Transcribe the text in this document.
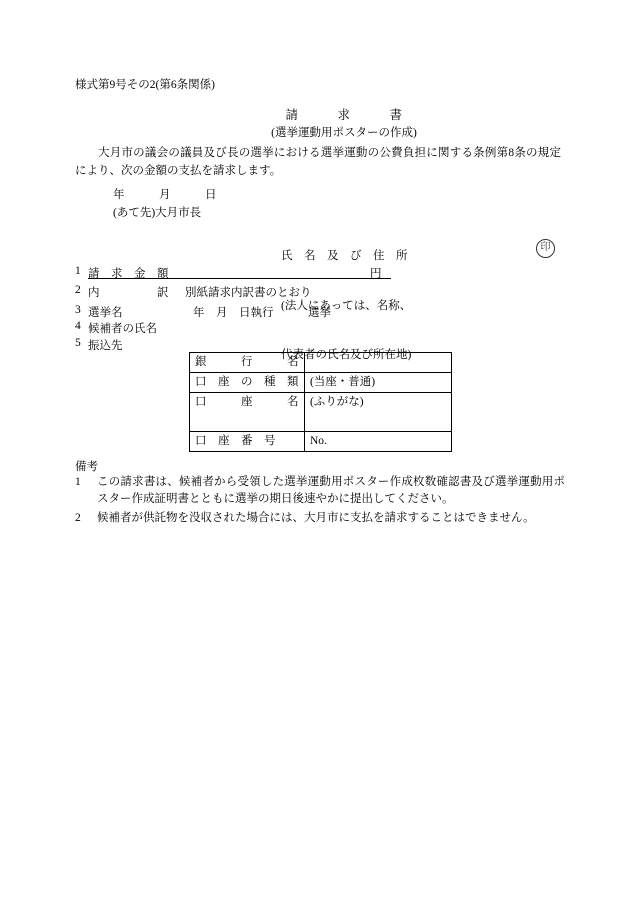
様式第9号その2(第6条関係)
請　　　求　　　書
(選挙運動用ポスターの作成)
大月市の議会の議員及び長の選挙における選挙運動の公費負担に関する条例第8条の規定により、次の金額の支払を請求します。
年　　　月　　　日
(あて先)大月市長

氏　名　及　び　住　所

(法人にあっては、名称、

代表者の氏名及び所在地)

印
1 請　求　金　額	円
2 内　　　　　訳 別紙請求内訳書のとおり
3 選挙名	年　月　日執行　　　選挙
4 候補者の氏名
5 振込先
銀　　　行　　　名	
口　座　の　種　類	(当座・普通)
口　　　座　　　名	(ふりがな)
口　座　番　号	No.
備考
1	この請求書は、候補者から受領した選挙運動用ポスター作成枚数確認書及び選挙運動用ポスター作成証明書とともに選挙の期日後速やかに提出してください。
2	候補者が供託物を没収された場合には、大月市に支払を請求することはできません。
